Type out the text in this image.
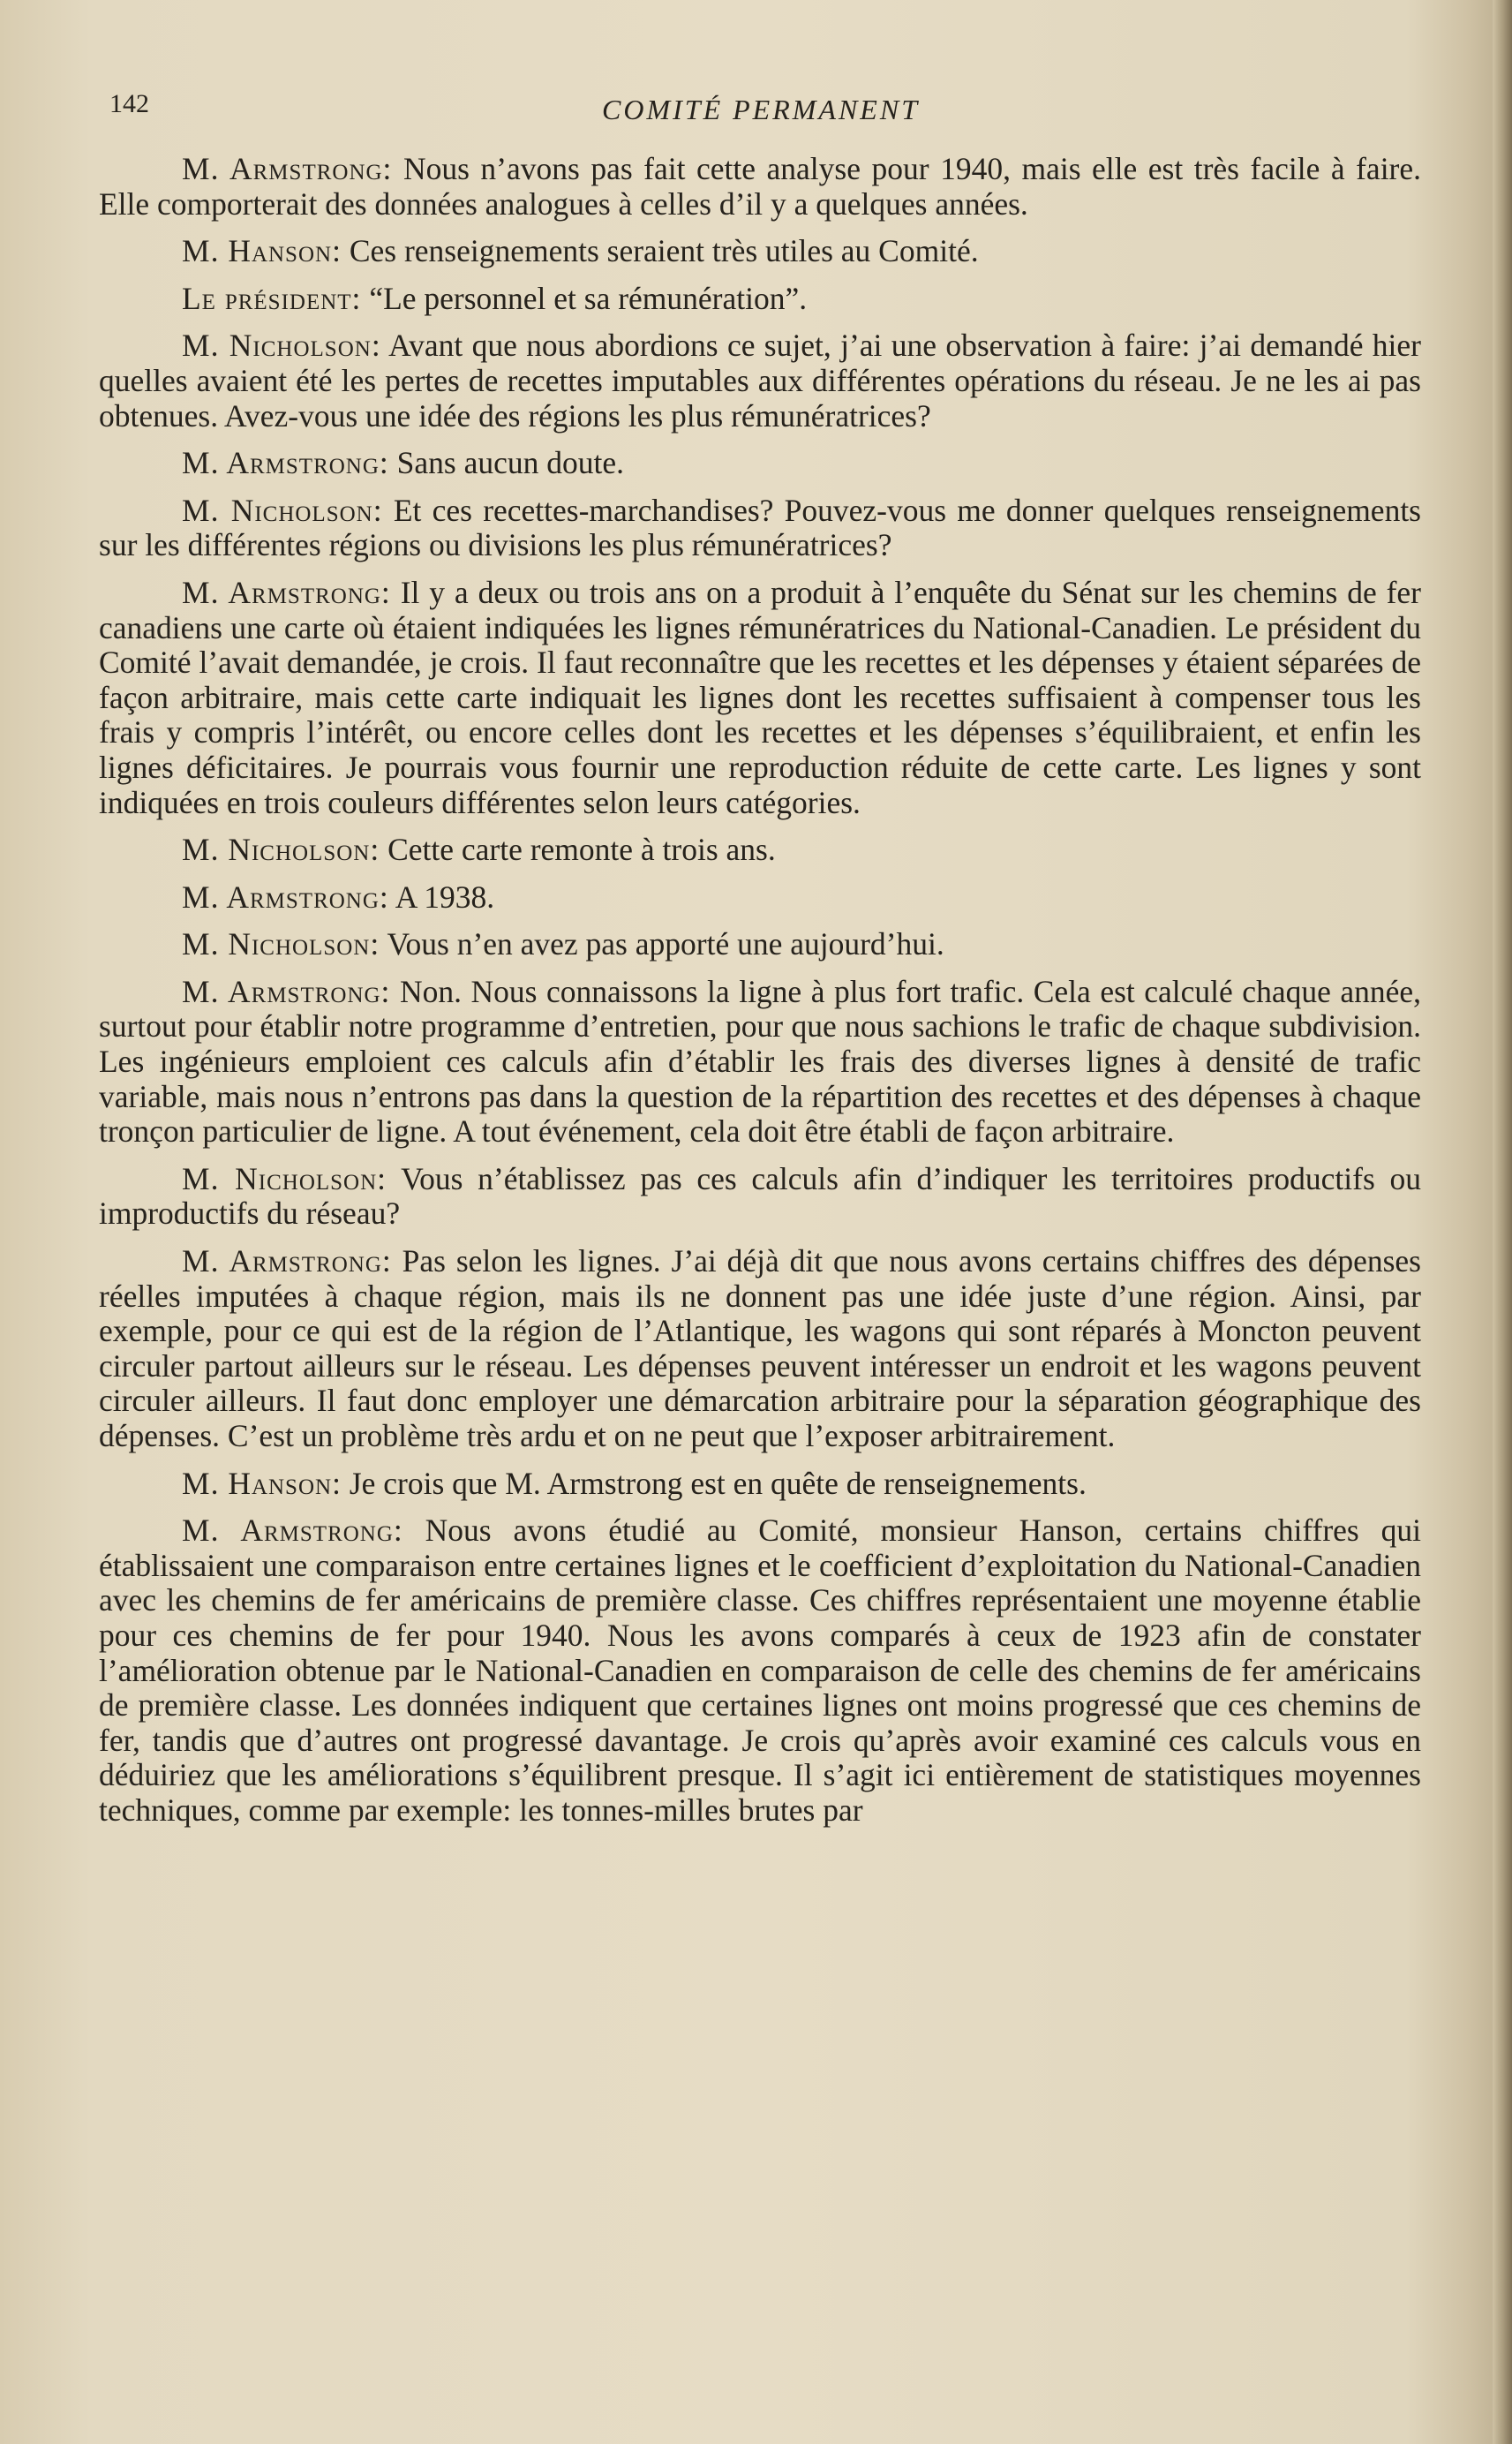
142	COMITÉ PERMANENT

M. Armstrong: Nous n’avons pas fait cette analyse pour 1940, mais elle est très facile à faire. Elle comporterait des données analogues à celles d’il y a quelques années.

M. Hanson: Ces renseignements seraient très utiles au Comité.

Le président: “Le personnel et sa rémunération”.

M. Nicholson: Avant que nous abordions ce sujet, j’ai une observation à faire: j’ai demandé hier quelles avaient été les pertes de recettes imputables aux différentes opérations du réseau. Je ne les ai pas obtenues. Avez-vous une idée des régions les plus rémunératrices?

M. Armstrong: Sans aucun doute.

M. Nicholson: Et ces recettes-marchandises? Pouvez-vous me donner quelques renseignements sur les différentes régions ou divisions les plus rémunératrices?

M. Armstrong: Il y a deux ou trois ans on a produit à l’enquête du Sénat sur les chemins de fer canadiens une carte où étaient indiquées les lignes rémunératrices du National-Canadien. Le président du Comité l’avait demandée, je crois. Il faut reconnaître que les recettes et les dépenses y étaient séparées de façon arbitraire, mais cette carte indiquait les lignes dont les recettes suffisaient à compenser tous les frais y compris l’intérêt, ou encore celles dont les recettes et les dépenses s’équilibraient, et enfin les lignes déficitaires. Je pourrais vous fournir une reproduction réduite de cette carte. Les lignes y sont indiquées en trois couleurs différentes selon leurs catégories.

M. Nicholson: Cette carte remonte à trois ans.

M. Armstrong: A 1938.

M. Nicholson: Vous n’en avez pas apporté une aujourd’hui.

M. Armstrong: Non. Nous connaissons la ligne à plus fort trafic. Cela est calculé chaque année, surtout pour établir notre programme d’entretien, pour que nous sachions le trafic de chaque subdivision. Les ingénieurs emploient ces calculs afin d’établir les frais des diverses lignes à densité de trafic variable, mais nous n’entrons pas dans la question de la répartition des recettes et des dépenses à chaque tronçon particulier de ligne. A tout événement, cela doit être établi de façon arbitraire.

M. Nicholson: Vous n’établissez pas ces calculs afin d’indiquer les territoires productifs ou improductifs du réseau?

M. Armstrong: Pas selon les lignes. J’ai déjà dit que nous avons certains chiffres des dépenses réelles imputées à chaque région, mais ils ne donnent pas une idée juste d’une région. Ainsi, par exemple, pour ce qui est de la région de l’Atlantique, les wagons qui sont réparés à Moncton peuvent circuler partout ailleurs sur le réseau. Les dépenses peuvent intéresser un endroit et les wagons peuvent circuler ailleurs. Il faut donc employer une démarcation arbitraire pour la séparation géographique des dépenses. C’est un problème très ardu et on ne peut que l’exposer arbitrairement.

M. Hanson: Je crois que M. Armstrong est en quête de renseignements.

M. Armstrong: Nous avons étudié au Comité, monsieur Hanson, certains chiffres qui établissaient une comparaison entre certaines lignes et le coefficient d’exploitation du National-Canadien avec les chemins de fer américains de première classe. Ces chiffres représentaient une moyenne établie pour ces chemins de fer pour 1940. Nous les avons comparés à ceux de 1923 afin de constater l’amélioration obtenue par le National-Canadien en comparaison de celle des chemins de fer américains de première classe. Les données indiquent que certaines lignes ont moins progressé que ces chemins de fer, tandis que d’autres ont progressé davantage. Je crois qu’après avoir examiné ces calculs vous en déduiriez que les améliorations s’équilibrent presque. Il s’agit ici entièrement de statistiques moyennes techniques, comme par exemple: les tonnes-milles brutes par
